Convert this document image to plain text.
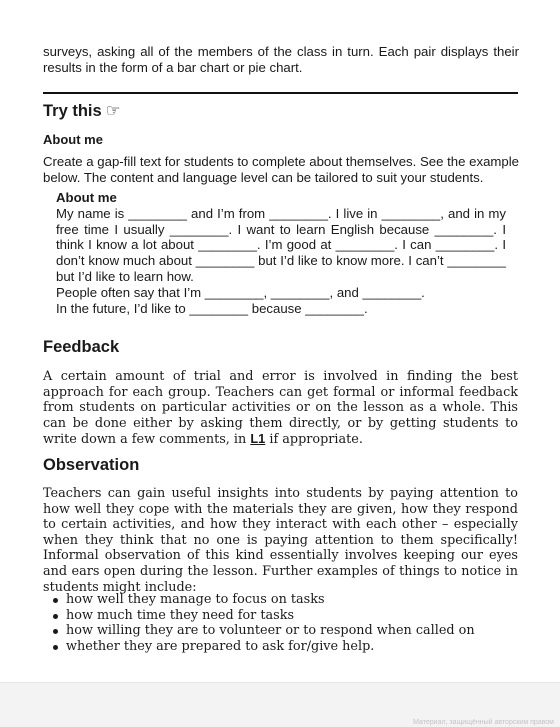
surveys, asking all of the members of the class in turn. Each pair displays their results in the form of a bar chart or pie chart.
Try this ☞
About me
Create a gap-fill text for students to complete about themselves. See the example below. The content and language level can be tailored to suit your students.
About me

My name is ________ and I’m from ________. I live in ________, and in my free time I usually ________. I want to learn English because ________. I think I know a lot about ________. I’m good at ________. I can ________. I don’t know much about ________ but I’d like to know more. I can’t ________ but I’d like to learn how.

People often say that I’m ________, ________, and ________.

In the future, I’d like to ________ because ________.

Feedback
A certain amount of trial and error is involved in finding the best approach for each group. Teachers can get formal or informal feedback from students on particular activities or on the lesson as a whole. This can be done either by asking them directly, or by getting students to write down a few comments, in L1 if appropriate.
Observation
Teachers can gain useful insights into students by paying attention to how well they cope with the materials they are given, how they respond to certain activities, and how they interact with each other – especially when they think that no one is paying attention to them specifically! Informal observation of this kind essentially involves keeping our eyes and ears open during the lesson. Further examples of things to notice in students might include:
how well they manage to focus on tasks
how much time they need for tasks
how willing they are to volunteer or to respond when called on
whether they are prepared to ask for/give help.
Материал, защищённый авторским правом
